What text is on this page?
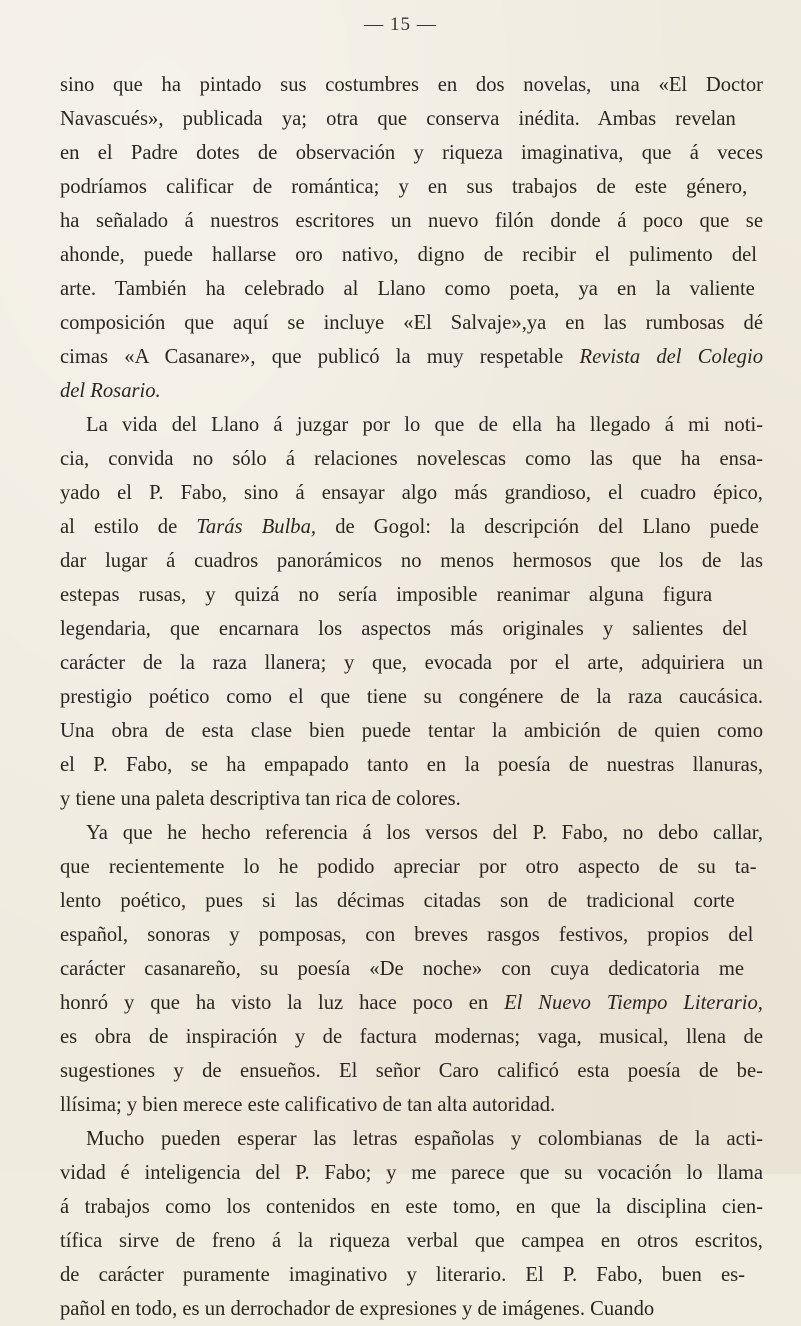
— 15 —
sino que ha pintado sus costumbres en dos novelas, una «El Doctor
Navascués», publicada ya; otra que conserva inédita. Ambas revelan
en el Padre dotes de observación y riqueza imaginativa, que á veces
podríamos calificar de romántica; y en sus trabajos de este género,
ha señalado á nuestros escritores un nuevo filón donde á poco que se
ahonde, puede hallarse oro nativo, digno de recibir el pulimento del
arte. También ha celebrado al Llano como poeta, ya en la valiente
composición que aquí se incluye «El Salvaje»,ya en las rumbosas dé
cimas «A Casanare», que publicó la muy respetable Revista del Colegio
del Rosario.
La vida del Llano á juzgar por lo que de ella ha llegado á mi noti-
cia, convida no sólo á relaciones novelescas como las que ha ensa-
yado el P. Fabo, sino á ensayar algo más grandioso, el cuadro épico,
al estilo de Tarás Bulba, de Gogol: la descripción del Llano puede
dar lugar á cuadros panorámicos no menos hermosos que los de las
estepas rusas, y quizá no sería imposible reanimar alguna figura
legendaria, que encarnara los aspectos más originales y salientes del
carácter de la raza llanera; y que, evocada por el arte, adquiriera un
prestigio poético como el que tiene su congénere de la raza caucásica.
Una obra de esta clase bien puede tentar la ambición de quien como
el P. Fabo, se ha empapado tanto en la poesía de nuestras llanuras,
y tiene una paleta descriptiva tan rica de colores.
Ya que he hecho referencia á los versos del P. Fabo, no debo callar,
que recientemente lo he podido apreciar por otro aspecto de su ta-
lento poético, pues si las décimas citadas son de tradicional corte
español, sonoras y pomposas, con breves rasgos festivos, propios del
carácter casanareño, su poesía «De noche» con cuya dedicatoria me
honró y que ha visto la luz hace poco en El Nuevo Tiempo Literario,
es obra de inspiración y de factura modernas; vaga, musical, llena de
sugestiones y de ensueños. El señor Caro calificó esta poesía de be-
llísima; y bien merece este calificativo de tan alta autoridad.
Mucho pueden esperar las letras españolas y colombianas de la acti-
vidad é inteligencia del P. Fabo; y me parece que su vocación lo llama
á trabajos como los contenidos en este tomo, en que la disciplina cien-
tífica sirve de freno á la riqueza verbal que campea en otros escritos,
de carácter puramente imaginativo y literario. El P. Fabo, buen es-
pañol en todo, es un derrochador de expresiones y de imágenes. Cuando
